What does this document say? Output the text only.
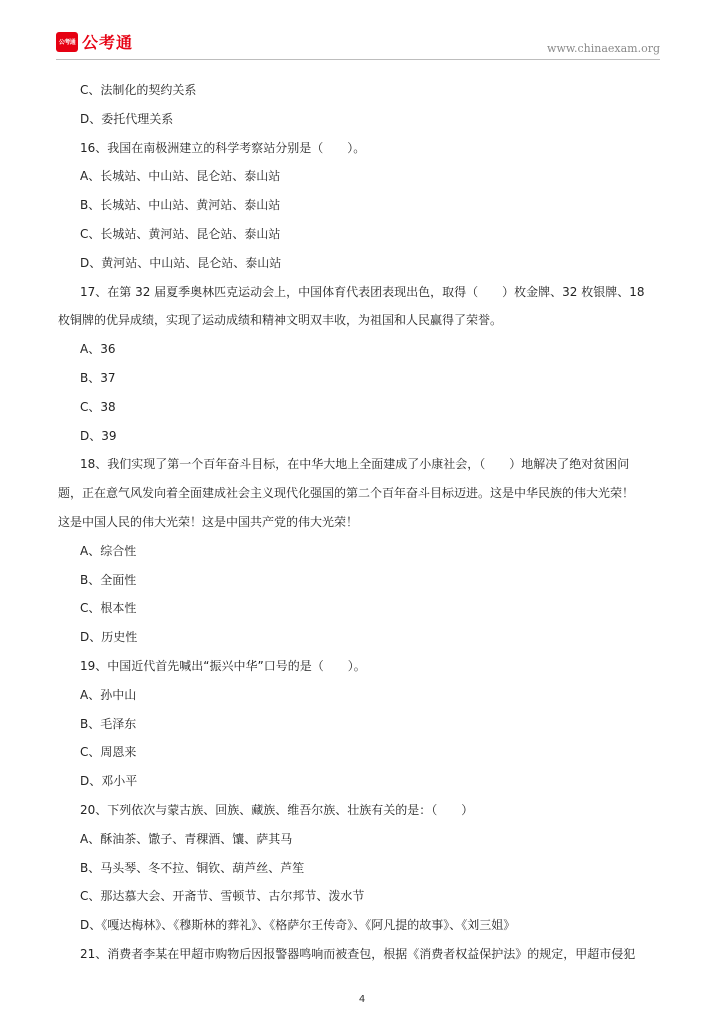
公考通 公考通	www.chinaexam.org
C、法制化的契约关系
D、委托代理关系
16、我国在南极洲建立的科学考察站分别是（　　）。
A、长城站、中山站、昆仑站、泰山站
B、长城站、中山站、黄河站、泰山站
C、长城站、黄河站、昆仑站、泰山站
D、黄河站、中山站、昆仑站、泰山站
17、在第 32 届夏季奥林匹克运动会上，中国体育代表团表现出色，取得（　　）枚金牌、32 枚银牌、18
枚铜牌的优异成绩，实现了运动成绩和精神文明双丰收，为祖国和人民赢得了荣誉。
A、36
B、37
C、38
D、39
18、我们实现了第一个百年奋斗目标，在中华大地上全面建成了小康社会，（　　）地解决了绝对贫困问
题，正在意气风发向着全面建成社会主义现代化强国的第二个百年奋斗目标迈进。这是中华民族的伟大光荣！
这是中国人民的伟大光荣！这是中国共产党的伟大光荣！
A、综合性
B、全面性
C、根本性
D、历史性
19、中国近代首先喊出“振兴中华”口号的是（　　）。
A、孙中山
B、毛泽东
C、周恩来
D、邓小平
20、下列依次与蒙古族、回族、藏族、维吾尔族、壮族有关的是：（　　）
A、酥油茶、馓子、青稞酒、馕、萨其马
B、马头琴、冬不拉、铜钦、葫芦丝、芦笙
C、那达慕大会、开斋节、雪顿节、古尔邦节、泼水节
D、《嘎达梅林》、《穆斯林的葬礼》、《格萨尔王传奇》、《阿凡提的故事》、《刘三姐》
21、消费者李某在甲超市购物后因报警器鸣响而被查包，根据《消费者权益保护法》的规定，甲超市侵犯
4
